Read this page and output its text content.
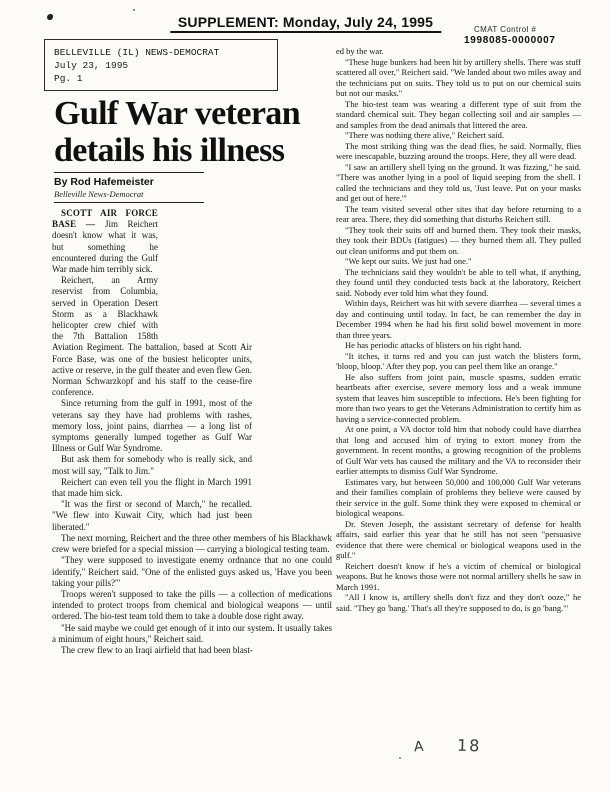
SUPPLEMENT: Monday, July 24, 1995	CMAT Control #
1998085-0000007
BELLEVILLE (IL) NEWS-DEMOCRAT
July 23, 1995
Pg. 1
Gulf War veteran
details his illness
By Rod Hafemeister
Belleville News-Democrat

SCOTT AIR FORCE BASE — Jim Reichert doesn't know what it was, but something he encountered during the Gulf War made him terribly sick.

Reichert, an Army reservist from Columbia, served in Operation Desert Storm as a Blackhawk helicopter crew chief with the 7th Battalion 158th Aviation Regiment. The battalion, based at Scott Air Force Base, was one of the busiest helicopter units, active or reserve, in the gulf theater and even flew Gen. Norman Schwarzkopf and his staff to the cease-fire conference.

Since returning from the gulf in 1991, most of the veterans say they have had problems with rashes, memory loss, joint pains, diarrhea — a long list of symptoms generally lumped together as Gulf War Illness or Gulf War Syndrome.

But ask them for somebody who is really sick, and most will say, "Talk to Jim."

Reichert can even tell you the flight in March 1991 that made him sick.

"It was the first or second of March," he recalled. "We flew into Kuwait City, which had just been liberated."

The next morning, Reichert and the three other members of his Blackhawk crew were briefed for a special mission — carrying a biological testing team.

"They were supposed to investigate enemy ordnance that no one could identify," Reichert said. "One of the enlisted guys asked us, 'Have you been taking your pills?'"

Troops weren't supposed to take the pills — a collection of medications intended to protect troops from chemical and biological weapons — until ordered. The bio-test team told them to take a double dose right away.

"He said maybe we could get enough of it into our system. It usually takes a minimum of eight hours," Reichert said.

The crew flew to an Iraqi airfield that had been blast-

ed by the war.

"These huge bunkers had been hit by artillery shells. There was stuff scattered all over," Reichert said. "We landed about two miles away and the technicians put on suits. They told us to put on our chemical suits but not our masks."

The bio-test team was wearing a different type of suit from the standard chemical suit. They began collecting soil and air samples — and samples from the dead animals that littered the area.

"There was nothing there alive," Reichert said.

The most striking thing was the dead flies, he said. Normally, flies were inescapable, buzzing around the troops. Here, they all were dead.

"I saw an artillery shell lying on the ground. It was fizzing," he said. "There was another lying in a pool of liquid seeping from the shell. I called the technicians and they told us, 'Just leave. Put on your masks and get out of here.'"

The team visited several other sites that day before returning to a rear area. There, they did something that disturbs Reichert still.

"They took their suits off and burned them. They took their masks, they took their BDUs (fatigues) — they burned them all. They pulled out clean uniforms and put them on.

"We kept our suits. We just had one."

The technicians said they wouldn't be able to tell what, if anything, they found until they conducted tests back at the laboratory, Reichert said. Nobody ever told him what they found.

Within days, Reichert was hit with severe diarrhea — several times a day and continuing until today. In fact, he can remember the day in December 1994 when he had his first solid bowel movement in more than three years.

He has periodic attacks of blisters on his right hand.

"It itches, it turns red and you can just watch the blisters form, 'bloop, bloop.' After they pop, you can peel them like an orange."

He also suffers from joint pain, muscle spasms, sudden erratic heartbeats after exercise, severe memory loss and a weak immune system that leaves him susceptible to infections. He's been fighting for more than two years to get the Veterans Administration to certify him as having a service-connected problem.

At one point, a VA doctor told him that nobody could have diarrhea that long and accused him of trying to extort money from the government. In recent months, a growing recognition of the problems of Gulf War vets has caused the military and the VA to reconsider their earlier attempts to dismiss Gulf War Syndrome.

Estimates vary, but between 50,000 and 100,000 Gulf War veterans and their families complain of problems they believe were caused by their service in the gulf. Some think they were exposed to chemical or biological weapons.

Dr. Steven Joseph, the assistant secretary of defense for health affairs, said earlier this year that he still has not seen "persuasive evidence that there were chemical or biological weapons used in the gulf."

Reichert doesn't know if he's a victim of chemical or biological weapons. But he knows those were not normal artillery shells he saw in March 1991.

"All I know is, artillery shells don't fizz and they don't ooze," he said. "They go 'bang.' That's all they're supposed to do, is go 'bang.'"

A 18
